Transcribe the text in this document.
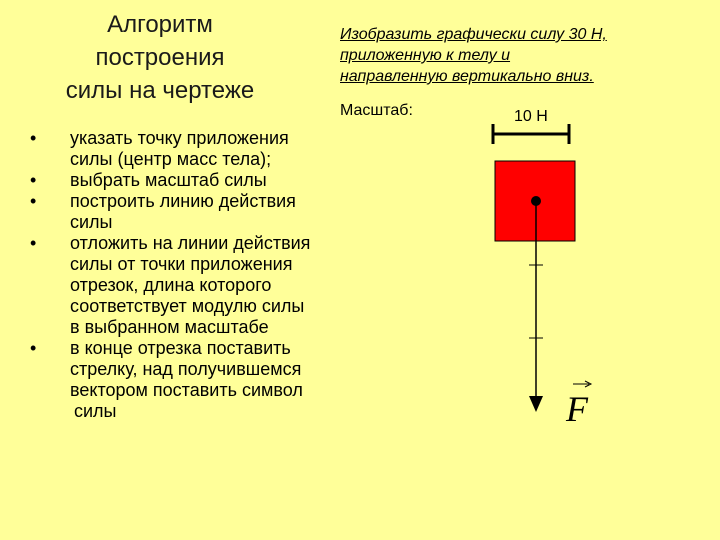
Алгоритм
построения
силы на чертеже
Изобразить графически силу 30 Н,
приложенную к телу и
направленную вертикально вниз.
Масштаб:	10 Н
• указать точку приложения
силы (центр масс тела);
• выбрать масштаб силы
• построить линию действия
силы
• отложить на линии действия
силы от точки приложения
отрезок, длина которого
соответствует модулю силы
в выбранном масштабе
• в конце отрезка поставить
стрелку, над получившемся
вектором поставить символ
силы	F
